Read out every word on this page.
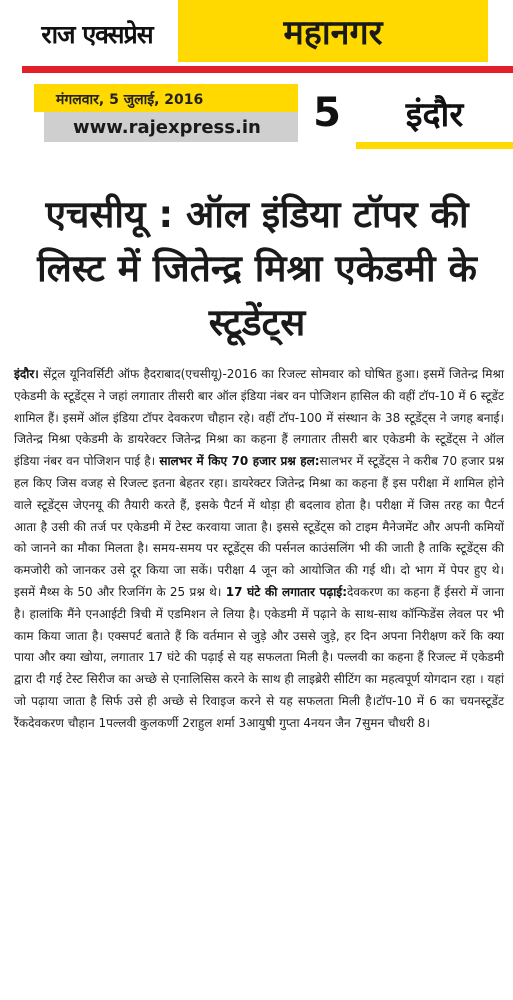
राज एक्सप्रेस	महानगर
मंगलवार, 5 जुलाई, 2016
www.rajexpress.in 5 इंदौर
एचसीयू : ऑल इंडिया टॉपर की लिस्ट में जितेन्द्र मिश्रा एकेडमी के स्टूडेंट्स

इंदौर। सेंट्रल यूनिवर्सिटी ऑफ हैदराबाद(एचसीयू)-2016 का रिजल्ट सोमवार को घोषित हुआ। इसमें जितेन्द्र मिश्रा एकेडमी के स्टूडेंट्स ने जहां लगातार तीसरी बार ऑल इंडिया नंबर वन पोजिशन हासिल की वहीं टॉप-10 में 6 स्टूडेंट शामिल हैं। इसमें ऑल इंडिया टॉपर देवकरण चौहान रहे। वहीं टॉप-100 में संस्थान के 38 स्टूडेंट्स ने जगह बनाई। जितेन्द्र मिश्रा एकेडमी के डायरेक्टर जितेन्द्र मिश्रा का कहना हैं लगातार तीसरी बार एकेडमी के स्टूडेंट्स ने ऑल इंडिया नंबर वन पोजिशन पाई है। सालभर में किए 70 हजार प्रश्न हल:सालभर में स्टूडेंट्स ने करीब 70 हजार प्रश्न हल किए जिस वजह से रिजल्ट इतना बेहतर रहा। डायरेक्टर जितेन्द्र मिश्रा का कहना हैं इस परीक्षा में शामिल होने वाले स्टूडेंट्स जेएनयू की तैयारी करते हैं, इसके पैटर्न में थोड़ा ही बदलाव होता है। परीक्षा में जिस तरह का पैटर्न आता है उसी की तर्ज पर एकेडमी में टेस्ट करवाया जाता है। इससे स्टूडेंट्स को टाइम मैनेजमेंट और अपनी कमियों को जानने का मौका मिलता है। समय-समय पर स्टूडेंट्स की पर्सनल काउंसलिंग भी की जाती है ताकि स्टूडेंट्स की कमजोरी को जानकर उसे दूर किया जा सकें। परीक्षा 4 जून को आयोजित की गई थी। दो भाग में पेपर हुए थे। इसमें मैथ्स के 50 और रिजनिंग के 25 प्रश्न थे। 17 घंटे की लगातार पढ़ाई:देवकरण का कहना हैं ईसरो में जाना है। हालांकि मैंने एनआईटी त्रिची में एडमिशन ले लिया है। एकेडमी में पढ़ाने के साथ-साथ कॉन्फिडेंस लेवल पर भी काम किया जाता है। एक्सपर्ट बताते हैं कि वर्तमान से जुड़े और उससे जुड़े, हर दिन अपना निरीक्षण करें कि क्या पाया और क्या खोया, लगातार 17 घंटे की पढ़ाई से यह सफलता मिली है। पल्लवी का कहना हैं रिजल्ट में एकेडमी द्वारा दी गई टेस्ट सिरीज का अच्छे से एनालिसिस करने के साथ ही लाइब्रेरी सीटिंग का महत्वपूर्ण योगदान रहा । यहां जो पढ़ाया जाता है सिर्फ उसे ही अच्छे से रिवाइज करने से यह सफलता मिली है।टॉप-10 में 6 का चयनस्टूडेंट रैंकदेवकरण चौहान 1पल्लवी कुलकर्णी 2राहुल शर्मा 3आयुषी गुप्ता 4नयन जैन 7सुमन चौधरी 8।
